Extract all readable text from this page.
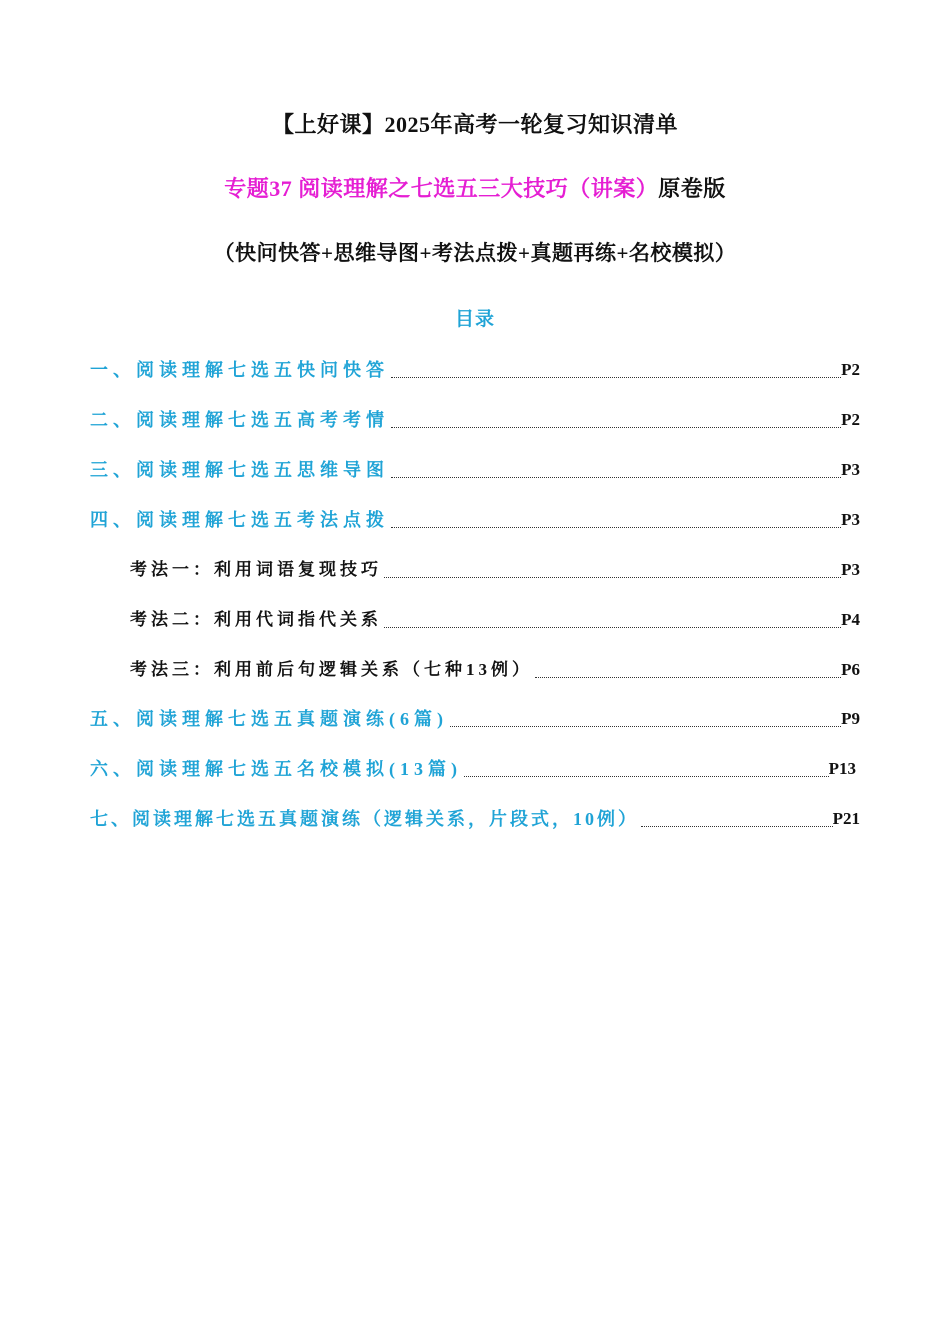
【上好课】2025年高考一轮复习知识清单
专题37 阅读理解之七选五三大技巧（讲案）原卷版
（快问快答+思维导图+考法点拨+真题再练+名校模拟）
目录
一、阅读理解七选五快问快答	P2
二、阅读理解七选五高考考情	P2
三、阅读理解七选五思维导图	P3
四、阅读理解七选五考法点拨	P3
考法一：利用词语复现技巧	P3
考法二：利用代词指代关系	P4
考法三：利用前后句逻辑关系（七种13例）	P6
五、阅读理解七选五真题演练(6篇)	P9
六、阅读理解七选五名校模拟(13篇)	P13
七、阅读理解七选五真题演练（逻辑关系，片段式，10例）	P21
